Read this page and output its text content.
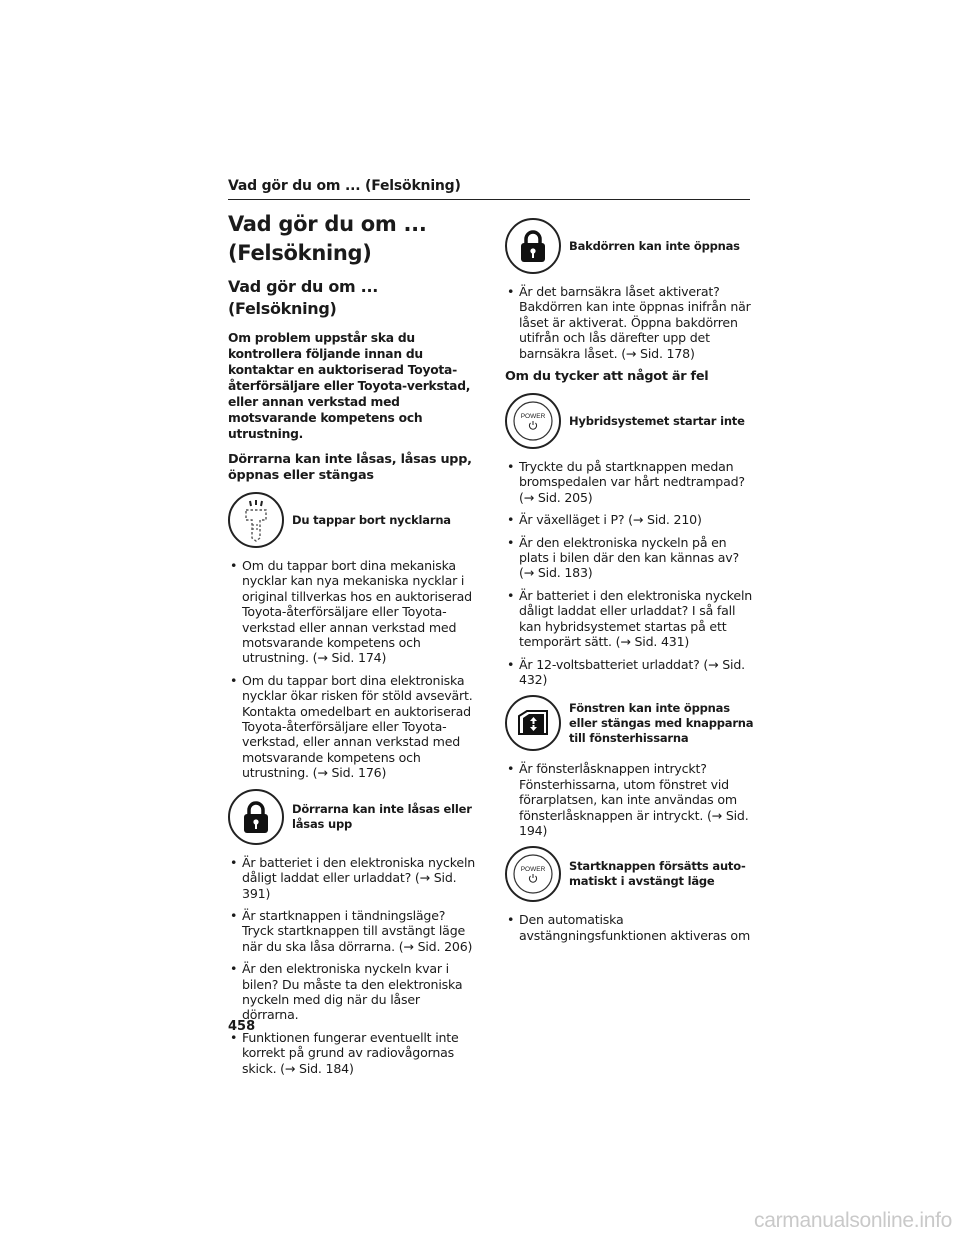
Vad gör du om ... (Felsökning)
Vad gör du om ...
(Felsökning)
Vad gör du om ... (Felsökning)

Om problem uppstår ska du kontrollera följande innan du kontaktar en auktoriserad Toyota-återförsäljare eller Toyota-verkstad, eller annan verkstad med motsvarande kompetens och utrustning.

Dörrarna kan inte låsas, låsas upp, öppnas eller stängas

Du tappar bort nycklarna
• Om du tappar bort dina mekaniska nycklar kan nya mekaniska nycklar i original tillverkas hos en auktoriserad Toyota-återförsäljare eller Toyota-verkstad eller annan verkstad med motsvarande kompetens och utrustning. (→ Sid. 174)
• Om du tappar bort dina elektroniska nycklar ökar risken för stöld avsevärt. Kontakta omedelbart en auktoriserad Toyota-återförsäljare eller Toyota-verkstad, eller annan verkstad med motsvarande kompetens och utrustning. (→ Sid. 176)
Dörrarna kan inte låsas eller låsas upp
• Är batteriet i den elektroniska nyckeln dåligt laddat eller urladdat? (→ Sid. 391)
• Är startknappen i tändningsläge? Tryck startknappen till avstängt läge när du ska låsa dörrarna. (→ Sid. 206)
• Är den elektroniska nyckeln kvar i bilen? Du måste ta den elektroniska nyckeln med dig när du låser dörrarna.
• Funktionen fungerar eventuellt inte korrekt på grund av radiovågornas skick. (→ Sid. 184)
Bakdörren kan inte öppnas
• Är det barnsäkra låset aktiverat? Bakdörren kan inte öppnas inifrån när låset är aktiverat. Öppna bakdörren utifrån och lås därefter upp det barnsäkra låset. (→ Sid. 178)

Om du tycker att något är fel

POWER Hybridsystemet startar inte
• Tryckte du på startknappen medan bromspedalen var hårt nedtrampad? (→ Sid. 205)
• Är växelläget i P? (→ Sid. 210)
• Är den elektroniska nyckeln på en plats i bilen där den kan kännas av? (→ Sid. 183)
• Är batteriet i den elektroniska nyckeln dåligt laddat eller urladdat? I så fall kan hybridsystemet startas på ett temporärt sätt. (→ Sid. 431)
• Är 12-voltsbatteriet urladdat? (→ Sid. 432)
Fönstren kan inte öppnas eller stängas med knapparna till fönsterhissarna
• Är fönsterlåsknappen intryckt? Fönsterhissarna, utom fönstret vid förarplatsen, kan inte användas om fönsterlåsknappen är intryckt. (→ Sid. 194)
POWER Startknappen försätts automatiskt i avstängt läge
• Den automatiska avstängningsfunktionen aktiveras om
458
carmanualsonline.info
